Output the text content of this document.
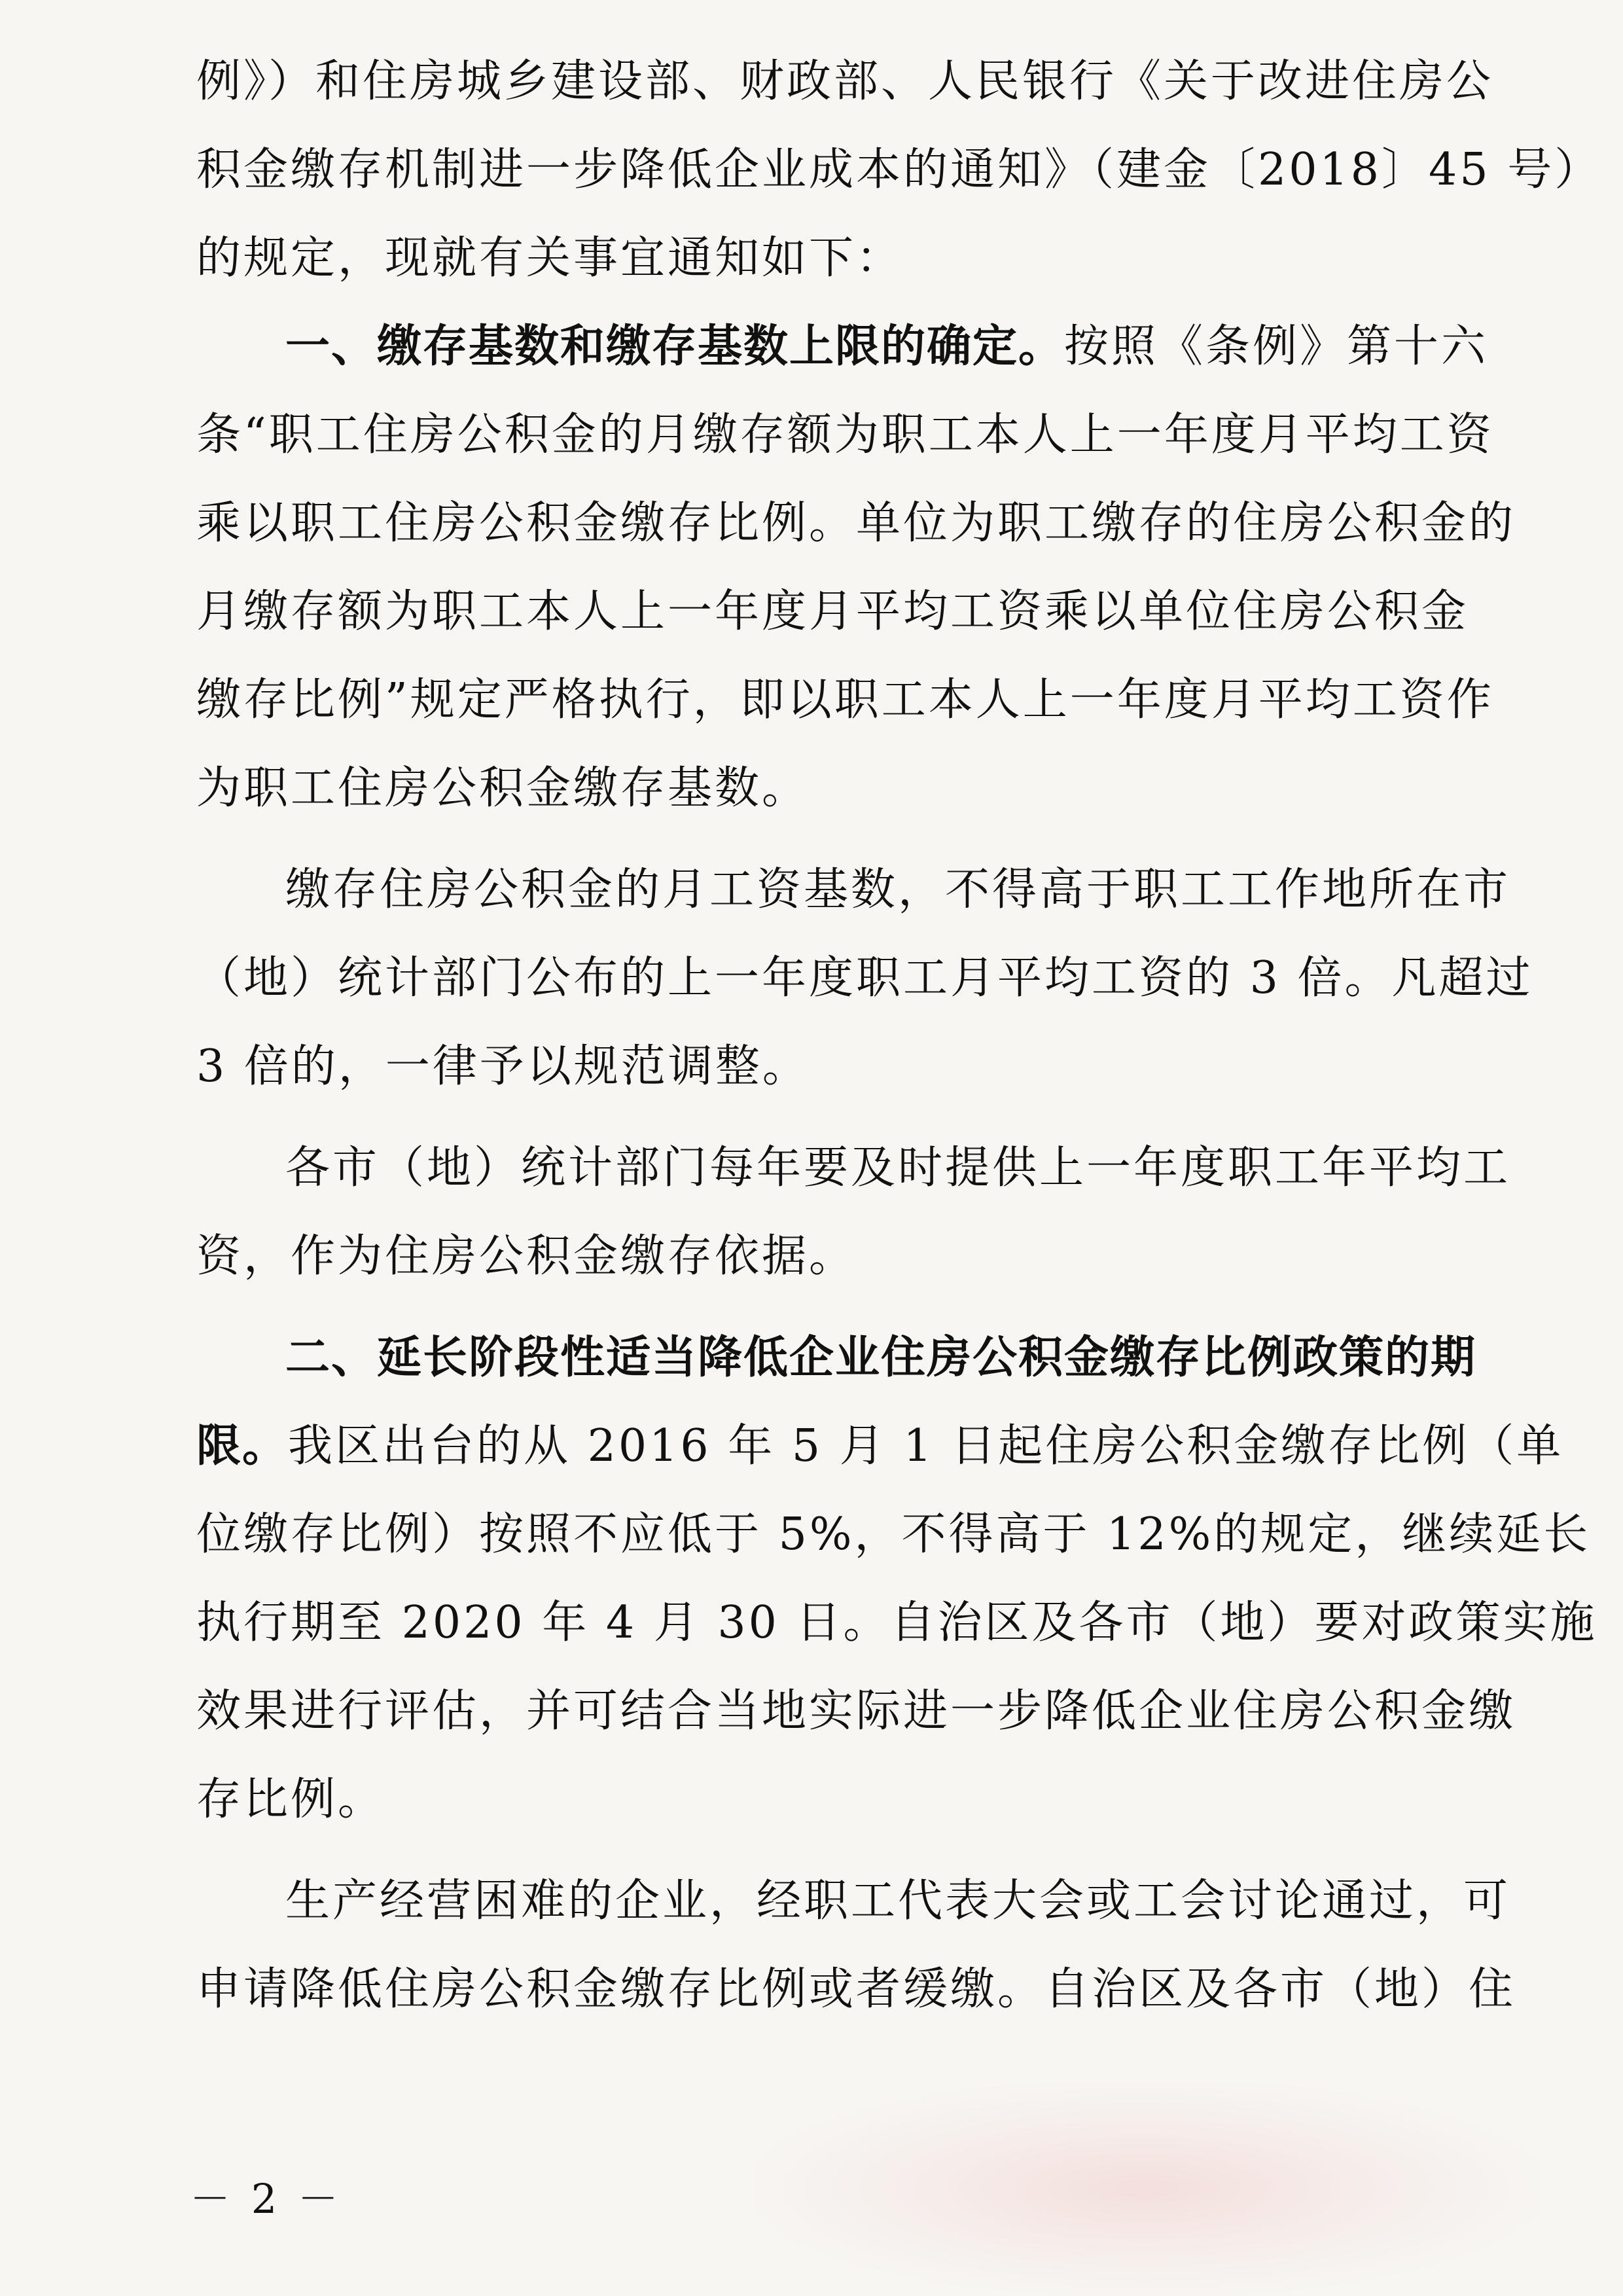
例》）和住房城乡建设部、财政部、人民银行《关于改进住房公
积金缴存机制进一步降低企业成本的通知》（建金〔2018〕45 号）
的规定，现就有关事宜通知如下：
一、缴存基数和缴存基数上限的确定。按照《条例》第十六
条“职工住房公积金的月缴存额为职工本人上一年度月平均工资
乘以职工住房公积金缴存比例。单位为职工缴存的住房公积金的
月缴存额为职工本人上一年度月平均工资乘以单位住房公积金
缴存比例”规定严格执行，即以职工本人上一年度月平均工资作
为职工住房公积金缴存基数。
缴存住房公积金的月工资基数，不得高于职工工作地所在市
（地）统计部门公布的上一年度职工月平均工资的 3 倍。凡超过
3 倍的，一律予以规范调整。
各市（地）统计部门每年要及时提供上一年度职工年平均工
资，作为住房公积金缴存依据。
二、延长阶段性适当降低企业住房公积金缴存比例政策的期
限。我区出台的从 2016 年 5 月 1 日起住房公积金缴存比例（单
位缴存比例）按照不应低于 5%，不得高于 12%的规定，继续延长
执行期至 2020 年 4 月 30 日。自治区及各市（地）要对政策实施
效果进行评估，并可结合当地实际进一步降低企业住房公积金缴
存比例。
生产经营困难的企业，经职工代表大会或工会讨论通过，可
申请降低住房公积金缴存比例或者缓缴。自治区及各市（地）住
－ 2 －
